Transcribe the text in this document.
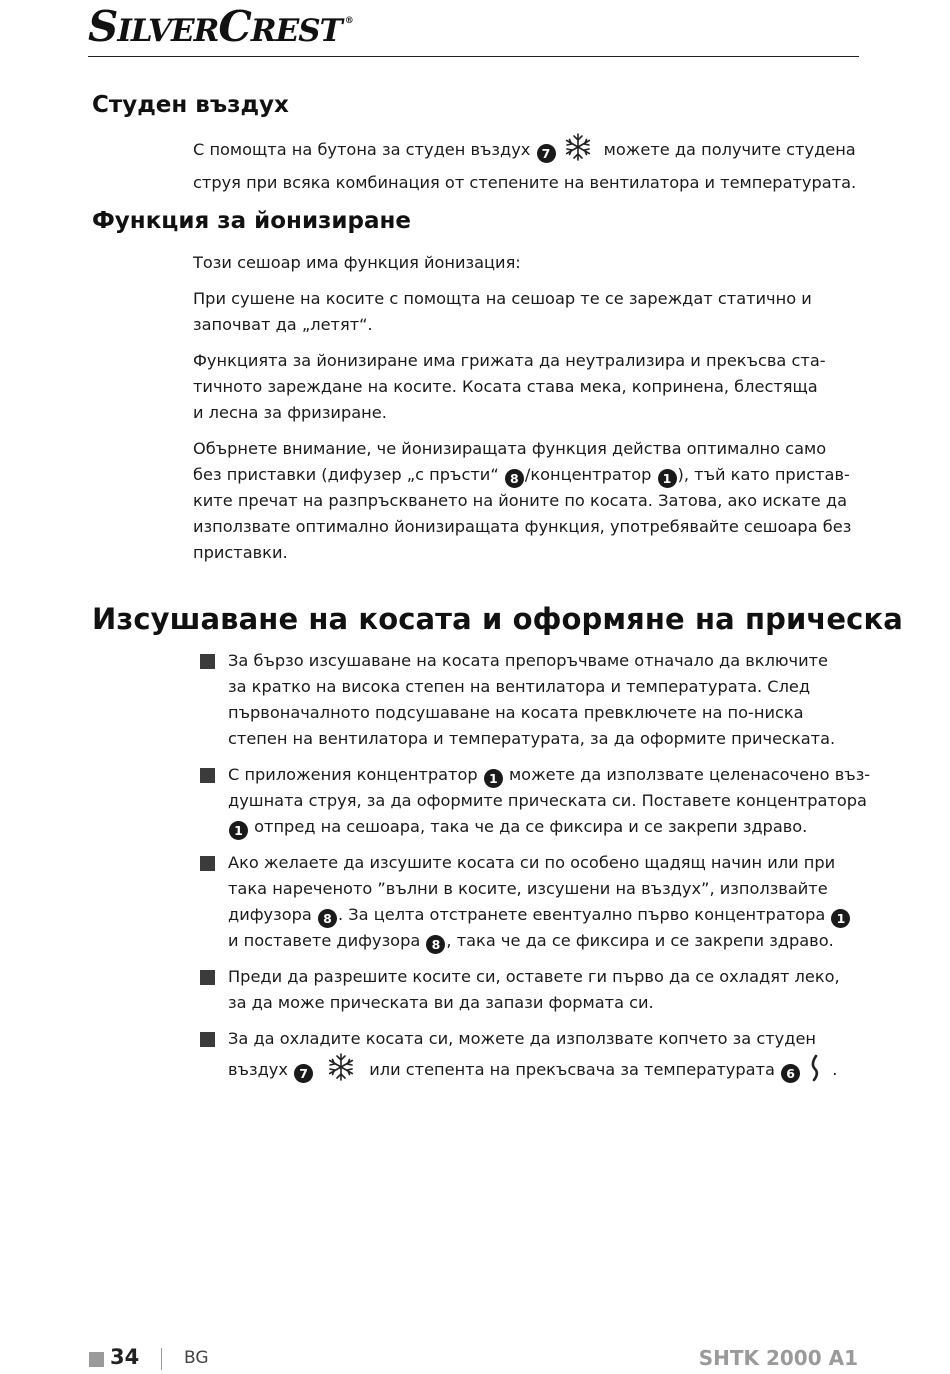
SILVERCREST ®
Студен въздух
С помощта на бутона за студен въздух 7	можете да получите студена
струя при всяка комбинация от степените на вентилатора и температурата.
Функция за йонизиране
Този сешоар има функция йонизация:
При сушене на косите с помощта на сешоар те се зареждат статично и
започват да „летят“.
Функцията за йонизиране има грижата да неутрализира и прекъсва ста-
тичното зареждане на косите. Косата става мека, копринена, блестяща
и лесна за фризиране.
Обърнете внимание, че йонизиращата функция действа оптимално само
без приставки (дифузер „с пръсти“ 8 /концентратор 1 ), тъй като пристав-
ките пречат на разпръскването на йоните по косата. Затова, ако искате да
използвате оптимално йонизиращата функция, употребявайте сешоара без
приставки.
Изсушаване на косата и оформяне на прическа
За бързо изсушаване на косата препоръчваме отначало да включите
за кратко на висока степен на вентилатора и температурата. След
първоначалното подсушаване на косата превключете на по-ниска
степен на вентилатора и температурата, за да оформите прическата.
С приложения концентратор 1 можете да използвате целенасочено въз-
душната струя, за да оформите прическата си. Поставете концентратора
1 отпред на сешоара, така че да се фиксира и се закрепи здраво.
Ако желаете да изсушите косата си по особено щадящ начин или при
така нареченото ”вълни в косите, изсушени на въздух”, използвайте
дифузора 8 . За целта отстранете евентуално първо концентратора 1
и поставете дифузора 8 , така че да се фиксира и се закрепи здраво.
Преди да разрешите косите си, оставете ги първо да се охладят леко,
за да може прическата ви да запази формата си.
За да охладите косата си, можете да използвате копчето за студен
въздух 7	или степента на прекъсвача за температурата 6 .
34	BG	SHTK 2000 A1
